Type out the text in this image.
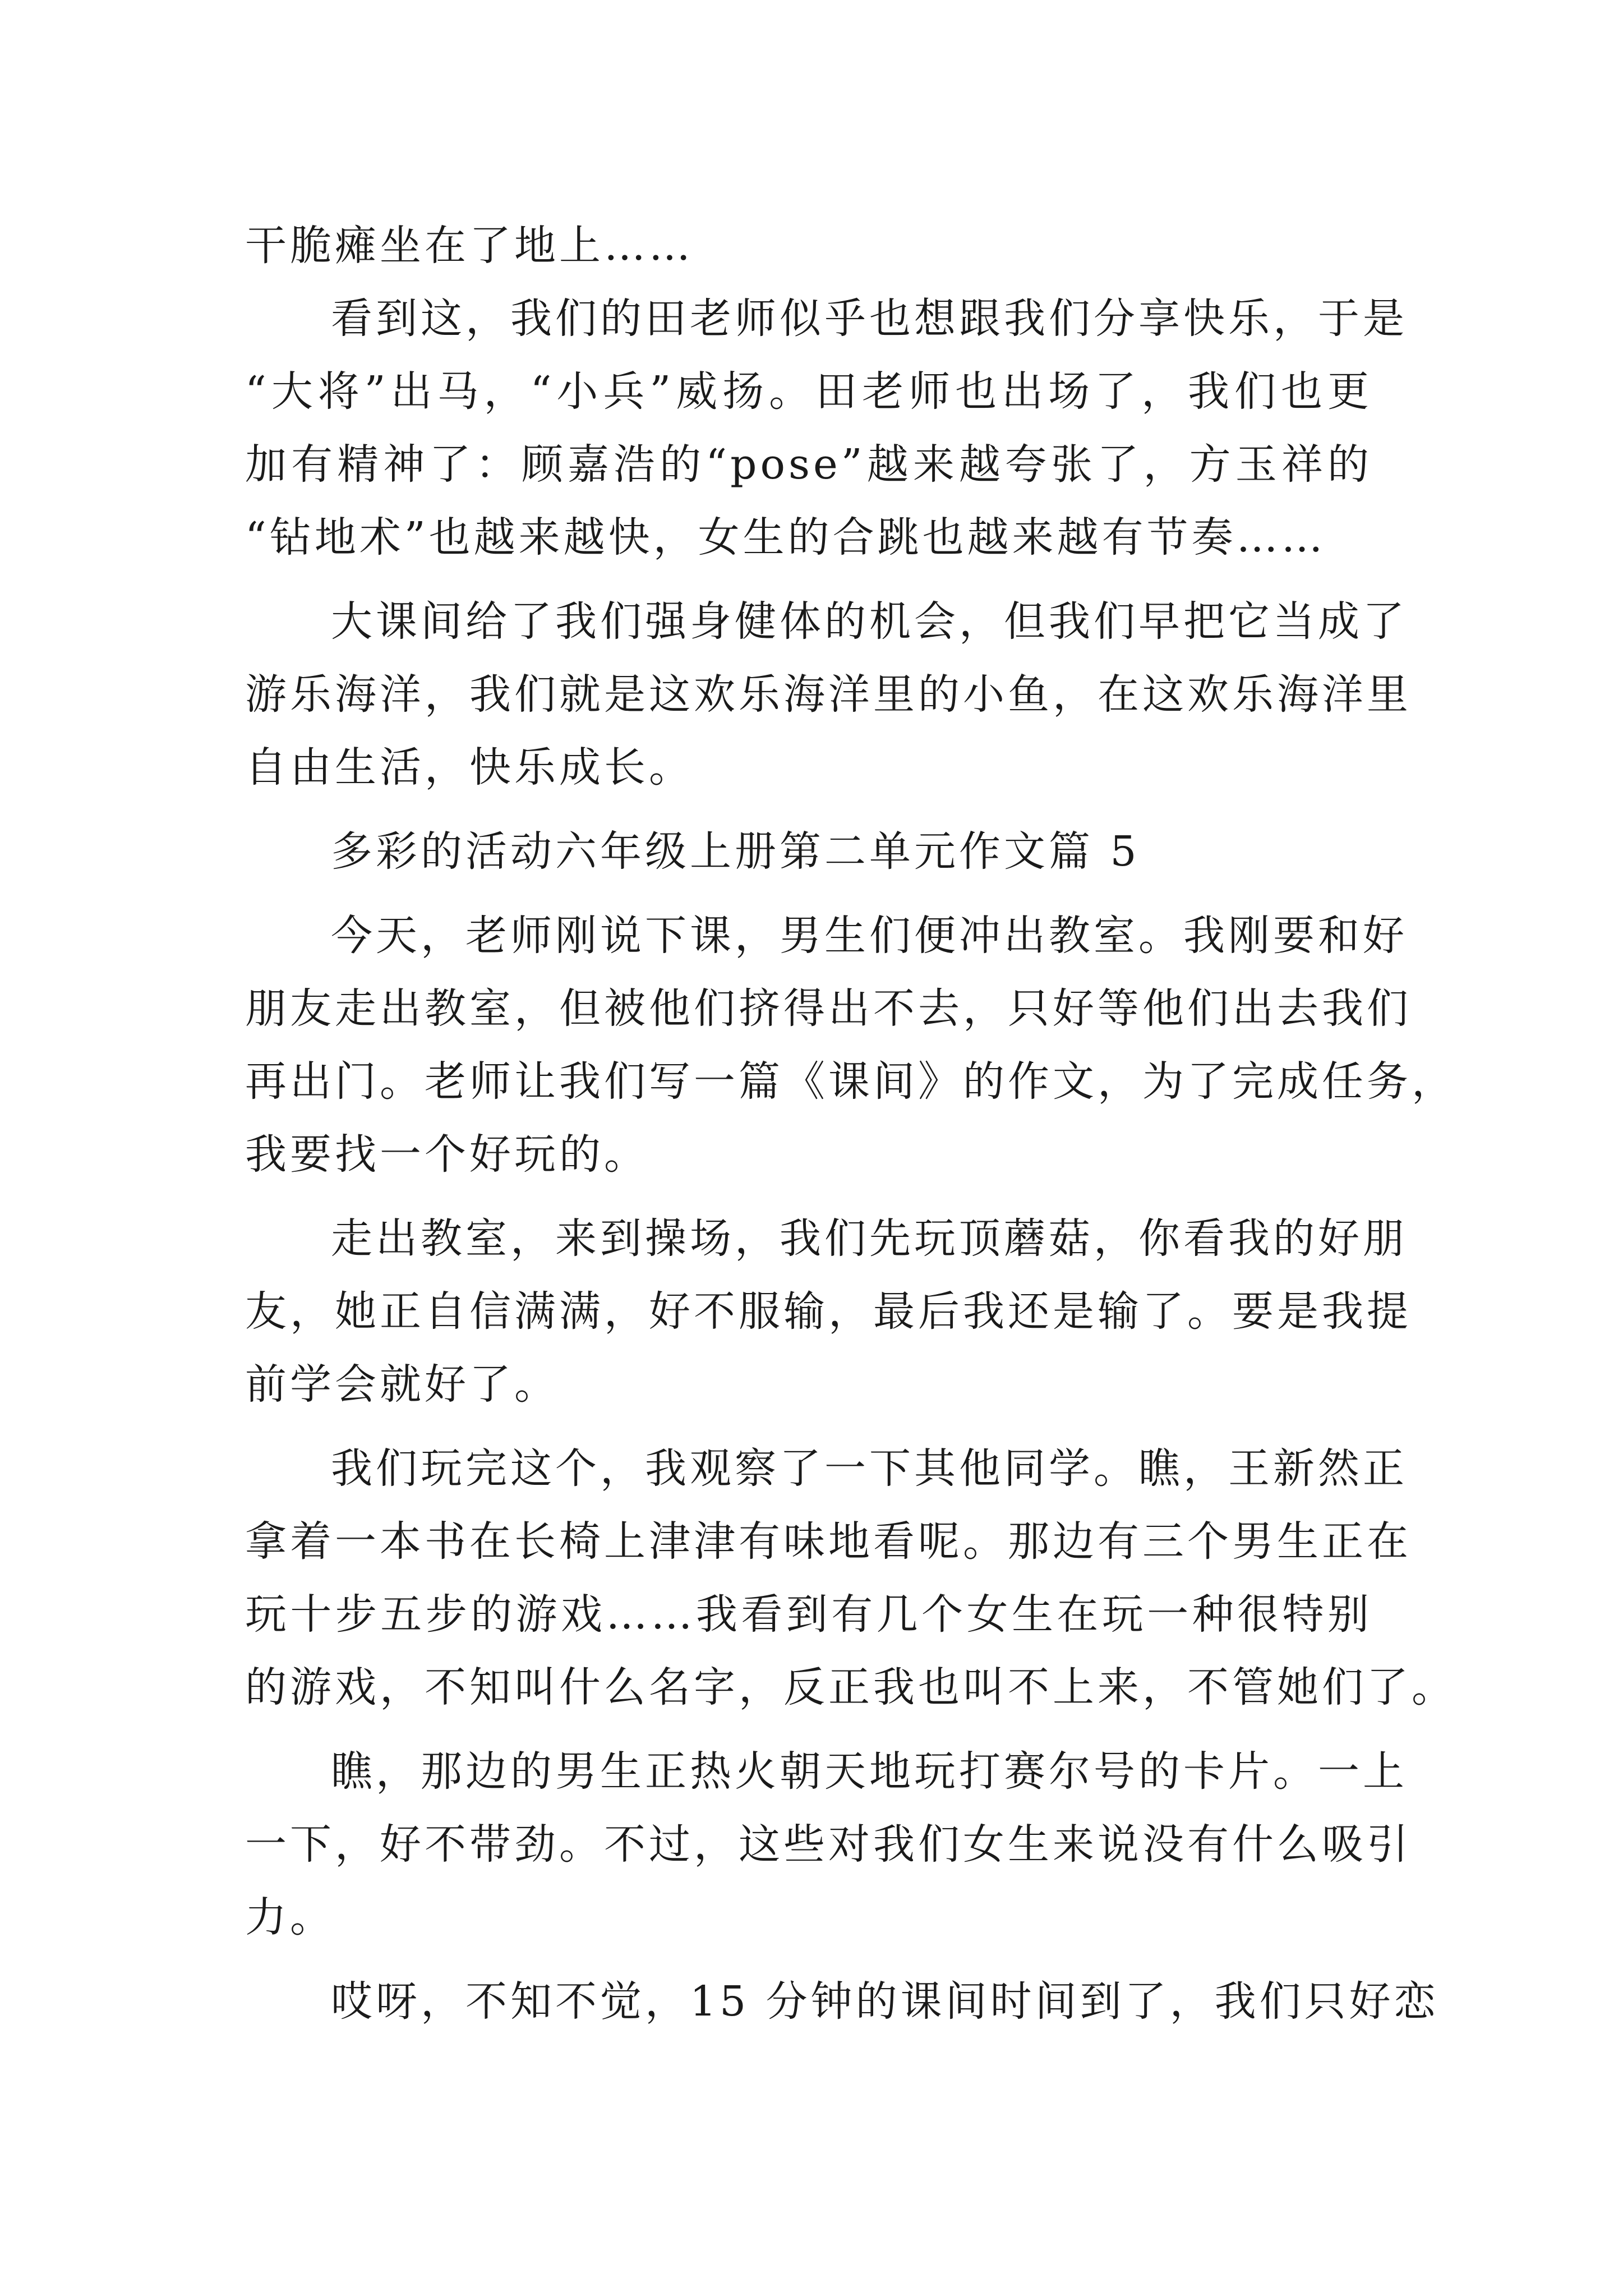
干脆瘫坐在了地上……
看到这，我们的田老师似乎也想跟我们分享快乐，于是
“大将”出马，“小兵”威扬。田老师也出场了，我们也更
加有精神了：顾嘉浩的“pose”越来越夸张了，方玉祥的
“钻地术”也越来越快，女生的合跳也越来越有节奏……
大课间给了我们强身健体的机会，但我们早把它当成了
游乐海洋，我们就是这欢乐海洋里的小鱼，在这欢乐海洋里
自由生活，快乐成长。
多彩的活动六年级上册第二单元作文篇 5
今天，老师刚说下课，男生们便冲出教室。我刚要和好
朋友走出教室，但被他们挤得出不去，只好等他们出去我们
再出门。老师让我们写一篇《课间》的作文，为了完成任务，
我要找一个好玩的。
走出教室，来到操场，我们先玩顶蘑菇，你看我的好朋
友，她正自信满满，好不服输，最后我还是输了。要是我提
前学会就好了。
我们玩完这个，我观察了一下其他同学。瞧，王新然正
拿着一本书在长椅上津津有味地看呢。那边有三个男生正在
玩十步五步的游戏……我看到有几个女生在玩一种很特别
的游戏，不知叫什么名字，反正我也叫不上来，不管她们了。
瞧，那边的男生正热火朝天地玩打赛尔号的卡片。一上
一下，好不带劲。不过，这些对我们女生来说没有什么吸引
力。
哎呀，不知不觉，15 分钟的课间时间到了，我们只好恋
